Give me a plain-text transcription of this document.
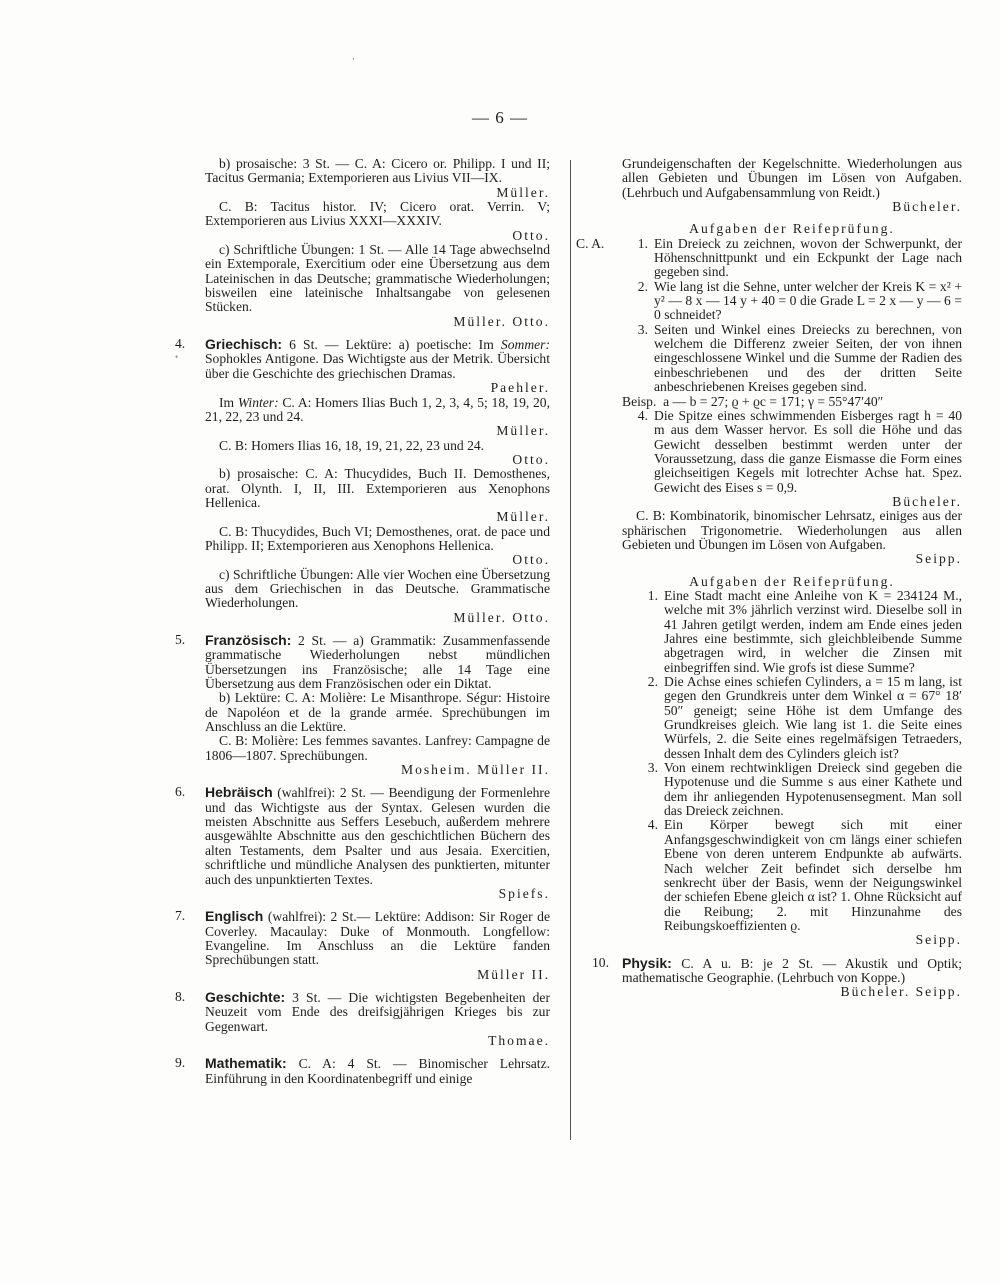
,
•
— 6 —

b) prosaische: 3 St. — C. A: Cicero or. Philipp. I und II; Tacitus Germania; Extemporieren aus Livius VII—IX.

Müller.

C. B: Tacitus histor. IV; Cicero orat. Verrin. V; Extemporieren aus Livius XXXI—XXXIV.

Otto.

c) Schriftliche Übungen: 1 St. — Alle 14 Tage abwechselnd ein Extemporale, Exercitium oder eine Übersetzung aus dem Lateinischen in das Deutsche; grammatische Wiederholungen; bisweilen eine lateinische Inhaltsangabe von gelesenen Stücken.

Müller. Otto.

4.	Griechisch: 6 St. — Lektüre: a) poetische: Im Sommer: Sophokles Antigone. Das Wichtigste aus der Metrik. Übersicht über die Geschichte des griechischen Dramas.

Paehler.

Im Winter: C. A: Homers Ilias Buch 1, 2, 3, 4, 5; 18, 19, 20, 21, 22, 23 und 24.

Müller.

C. B: Homers Ilias 16, 18, 19, 21, 22, 23 und 24.

Otto.

b) prosaische: C. A: Thucydides, Buch II. Demosthenes, orat. Olynth. I, II, III. Extemporieren aus Xenophons Hellenica.

Müller.

C. B: Thucydides, Buch VI; Demosthenes, orat. de pace und Philipp. II; Extemporieren aus Xenophons Hellenica.

Otto.

c) Schriftliche Übungen: Alle vier Wochen eine Übersetzung aus dem Griechischen in das Deutsche. Grammatische Wiederholungen.

Müller. Otto.

5.	Französisch: 2 St. — a) Grammatik: Zusammenfassende grammatische Wiederholungen nebst mündlichen Übersetzungen ins Französische; alle 14 Tage eine Übersetzung aus dem Französischen oder ein Diktat.

b) Lektüre: C. A: Molière: Le Misanthrope. Ségur: Histoire de Napoléon et de la grande armée. Sprechübungen im Anschluss an die Lektüre.

C. B: Molière: Les femmes savantes. Lanfrey: Campagne de 1806—1807. Sprechübungen.

Mosheim. Müller II.

6.	Hebräisch (wahlfrei): 2 St. — Beendigung der Formenlehre und das Wichtigste aus der Syntax. Gelesen wurden die meisten Abschnitte aus Seffers Lesebuch, außerdem mehrere ausgewählte Abschnitte aus den geschichtlichen Büchern des alten Testaments, dem Psalter und aus Jesaia. Exercitien, schriftliche und mündliche Analysen des punktierten, mitunter auch des unpunktierten Textes.

Spiefs.

7.	Englisch (wahlfrei): 2 St.— Lektüre: Addison: Sir Roger de Coverley. Macaulay: Duke of Monmouth. Longfellow: Evangeline. Im Anschluss an die Lektüre fanden Sprechübungen statt.

Müller II.

8.	Geschichte: 3 St. — Die wichtigsten Begebenheiten der Neuzeit vom Ende des dreifsigjährigen Krieges bis zur Gegenwart.

Thomae.

9.	Mathematik: C. A: 4 St. — Binomischer Lehrsatz. Einführung in den Koordinatenbegriff und einige

Grundeigenschaften der Kegelschnitte. Wiederholungen aus allen Gebieten und Übungen im Lösen von Aufgaben. (Lehrbuch und Aufgabensammlung von Reidt.)

Bücheler.

Aufgaben der Reifeprüfung.

C. A.	1. Ein Dreieck zu zeichnen, wovon der Schwerpunkt, der Höhenschnittpunkt und ein Eckpunkt der Lage nach gegeben sind.
2. Wie lang ist die Sehne, unter welcher der Kreis K = x² + y² — 8 x — 14 y + 40 = 0 die Grade L = 2 x — y — 6 = 0 schneidet?
3. Seiten und Winkel eines Dreiecks zu berechnen, von welchem die Differenz zweier Seiten, der von ihnen eingeschlossene Winkel und die Summe der Radien des einbeschriebenen und des der dritten Seite anbeschriebenen Kreises gegeben sind.

Beisp. a — b = 27; ϱ + ϱc = 171; γ = 55°47′40″

4. Die Spitze eines schwimmenden Eisberges ragt h = 40 m aus dem Wasser hervor. Es soll die Höhe und das Gewicht desselben bestimmt werden unter der Voraussetzung, dass die ganze Eismasse die Form eines gleichseitigen Kegels mit lotrechter Achse hat. Spez. Gewicht des Eises s = 0,9.

Bücheler.

C. B: Kombinatorik, binomischer Lehrsatz, einiges aus der sphärischen Trigonometrie. Wiederholungen aus allen Gebieten und Übungen im Lösen von Aufgaben.

Seipp.

Aufgaben der Reifeprüfung.

1. Eine Stadt macht eine Anleihe von K = 234124 M., welche mit 3% jährlich verzinst wird. Dieselbe soll in 41 Jahren getilgt werden, indem am Ende eines jeden Jahres eine bestimmte, sich gleichbleibende Summe abgetragen wird, in welcher die Zinsen mit einbegriffen sind. Wie grofs ist diese Summe?
2. Die Achse eines schiefen Cylinders, a = 15 m lang, ist gegen den Grundkreis unter dem Winkel α = 67° 18′ 50″ geneigt; seine Höhe ist dem Umfange des Grundkreises gleich. Wie lang ist 1. die Seite eines Würfels, 2. die Seite eines regelmäfsigen Tetraeders, dessen Inhalt dem des Cylinders gleich ist?
3. Von einem rechtwinkligen Dreieck sind gegeben die Hypotenuse und die Summe s aus einer Kathete und dem ihr anliegenden Hypotenusensegment. Man soll das Dreieck zeichnen.
4. Ein Körper bewegt sich mit einer Anfangsgeschwindigkeit von cm längs einer schiefen Ebene von deren unterem Endpunkte ab aufwärts. Nach welcher Zeit befindet sich derselbe hm senkrecht über der Basis, wenn der Neigungswinkel der schiefen Ebene gleich α ist? 1. Ohne Rücksicht auf die Reibung; 2. mit Hinzunahme des Reibungskoeffizienten ϱ.

Seipp.

10. Physik: C. A u. B: je 2 St. — Akustik und Optik; mathematische Geographie. (Lehrbuch von Koppe.)

Bücheler. Seipp.
